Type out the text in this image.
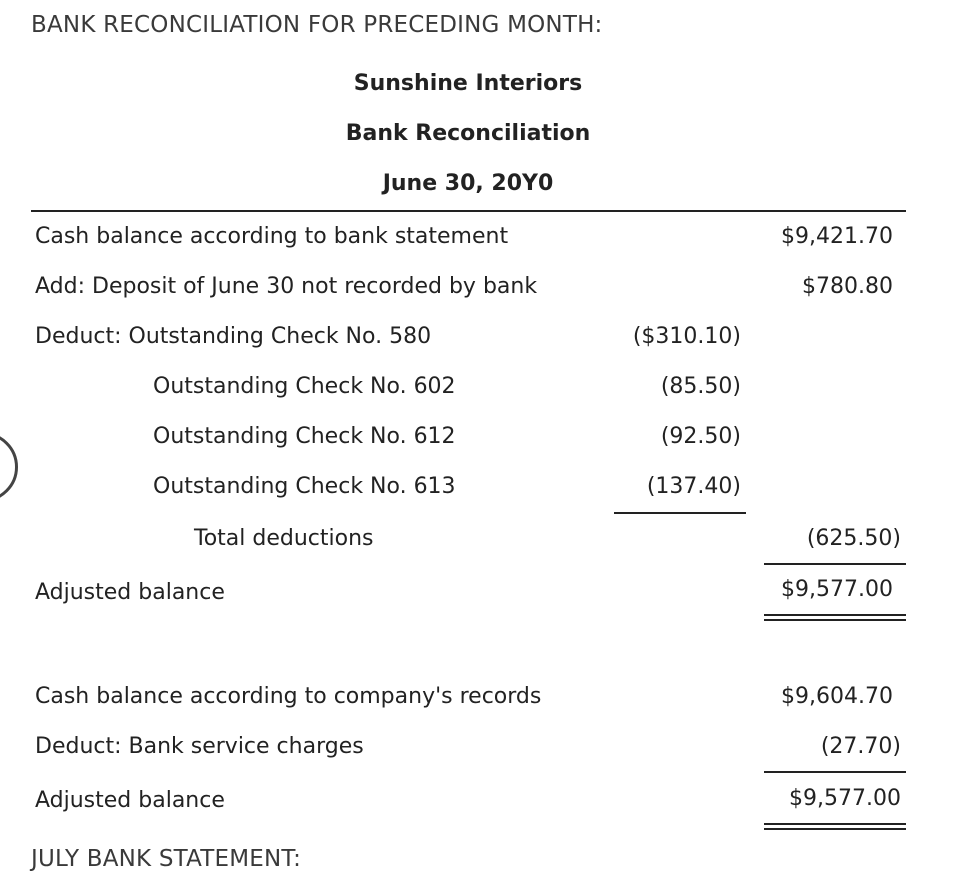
BANK RECONCILIATION FOR PRECEDING MONTH:
Sunshine Interiors
Bank Reconciliation
June 30, 20Y0
Cash balance according to bank statement	$9,421.70
Add: Deposit of June 30 not recorded by bank	$780.80
Deduct: Outstanding Check No. 580	($310.10)
Outstanding Check No. 602	(85.50)
Outstanding Check No. 612	(92.50)
Outstanding Check No. 613	(137.40)
Total deductions	(625.50)
Adjusted balance	$9,577.00
Cash balance according to company's records	$9,604.70
Deduct: Bank service charges	(27.70)
Adjusted balance	$9,577.00
JULY BANK STATEMENT:
